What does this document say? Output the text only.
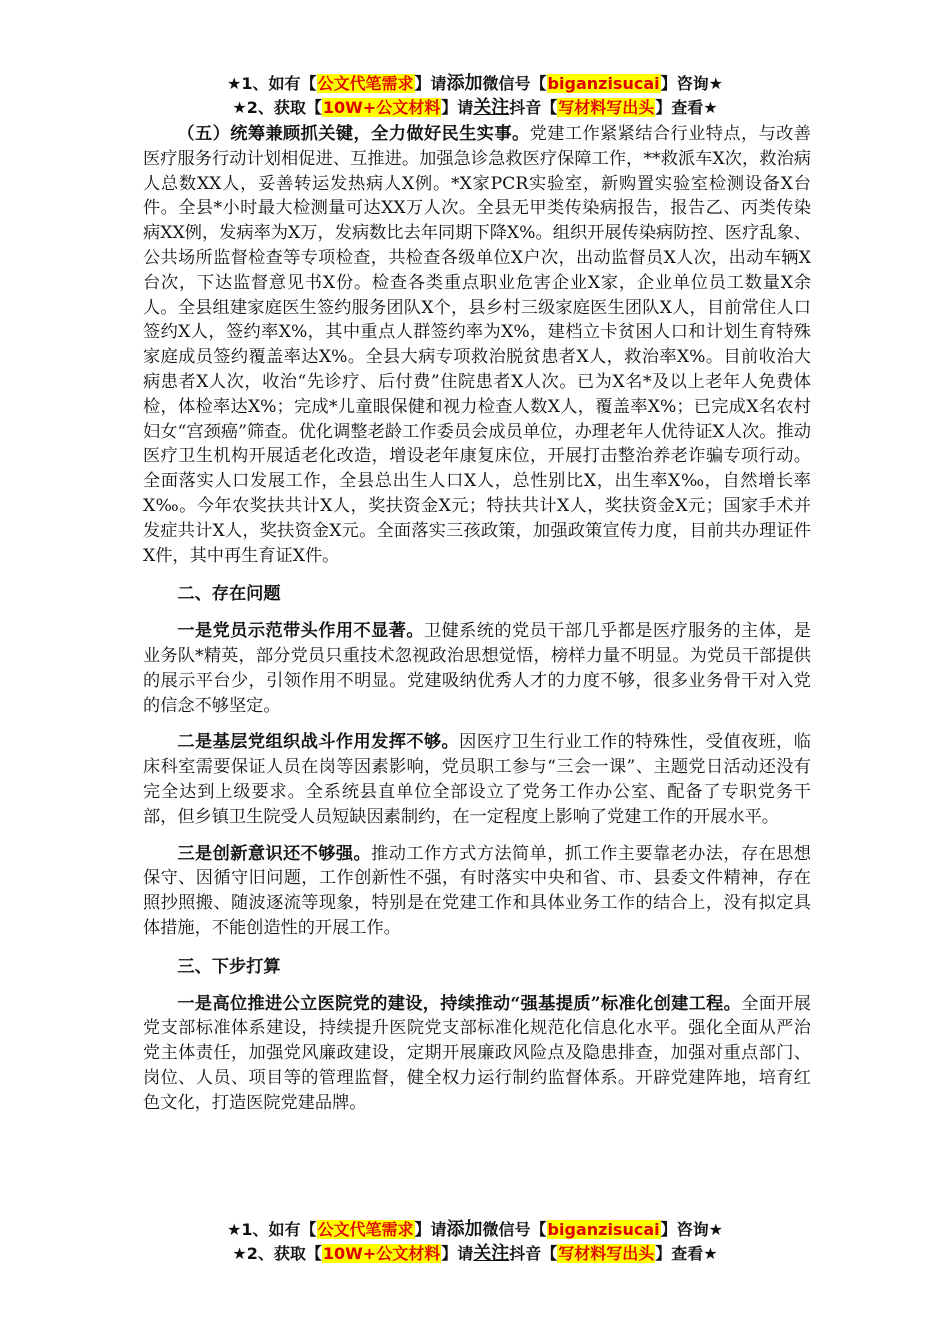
★1、如有【公文代笔需求】请添加微信号【biganzisucai】咨询★
★2、获取【10W+公文材料】请关注抖音【写材料写出头】查看★

（五）统筹兼顾抓关键，全力做好民生实事。党建工作紧紧结合行业特点，与改善医疗服务行动计划相促进、互推进。加强急诊急救医疗保障工作，**救派车X次，救治病人总数XX人，妥善转运发热病人X例。*X家PCR实验室，新购置实验室检测设备X台件。全县*小时最大检测量可达XX万人次。全县无甲类传染病报告，报告乙、丙类传染病XX例，发病率为X万，发病数比去年同期下降X%。组织开展传染病防控、医疗乱象、公共场所监督检查等专项检查，共检查各级单位X户次，出动监督员X人次，出动车辆X台次，下达监督意见书X份。检查各类重点职业危害企业X家，企业单位员工数量X余人。全县组建家庭医生签约服务团队X个，县乡村三级家庭医生团队X人，目前常住人口签约X人，签约率X%，其中重点人群签约率为X%，建档立卡贫困人口和计划生育特殊家庭成员签约覆盖率达X%。全县大病专项救治脱贫患者X人，救治率X%。目前收治大病患者X人次，收治“先诊疗、后付费”住院患者X人次。已为X名*及以上老年人免费体检，体检率达X%；完成*儿童眼保健和视力检查人数X人，覆盖率X%；已完成X名农村妇女“宫颈癌”筛查。优化调整老龄工作委员会成员单位，办理老年人优待证X人次。推动医疗卫生机构开展适老化改造，增设老年康复床位，开展打击整治养老诈骗专项行动。全面落实人口发展工作，全县总出生人口X人，总性别比X，出生率X‰，自然增长率X‰。今年农奖扶共计X人，奖扶资金X元；特扶共计X人，奖扶资金X元；国家手术并发症共计X人，奖扶资金X元。全面落实三孩政策，加强政策宣传力度，目前共办理证件X件，其中再生育证X件。

二、存在问题

一是党员示范带头作用不显著。卫健系统的党员干部几乎都是医疗服务的主体，是业务队*精英，部分党员只重技术忽视政治思想觉悟，榜样力量不明显。为党员干部提供的展示平台少，引领作用不明显。党建吸纳优秀人才的力度不够，很多业务骨干对入党的信念不够坚定。

二是基层党组织战斗作用发挥不够。因医疗卫生行业工作的特殊性，受值夜班，临床科室需要保证人员在岗等因素影响，党员职工参与“三会一课”、主题党日活动还没有完全达到上级要求。全系统县直单位全部设立了党务工作办公室、配备了专职党务干部，但乡镇卫生院受人员短缺因素制约，在一定程度上影响了党建工作的开展水平。

三是创新意识还不够强。推动工作方式方法简单，抓工作主要靠老办法，存在思想保守、因循守旧问题，工作创新性不强，有时落实中央和省、市、县委文件精神，存在照抄照搬、随波逐流等现象，特别是在党建工作和具体业务工作的结合上，没有拟定具体措施，不能创造性的开展工作。

三、下步打算

一是高位推进公立医院党的建设，持续推动“强基提质”标准化创建工程。全面开展党支部标准体系建设，持续提升医院党支部标准化规范化信息化水平。强化全面从严治党主体责任，加强党风廉政建设，定期开展廉政风险点及隐患排查，加强对重点部门、岗位、人员、项目等的管理监督，健全权力运行制约监督体系。开辟党建阵地，培育红色文化，打造医院党建品牌。

★1、如有【公文代笔需求】请添加微信号【biganzisucai】咨询★
★2、获取【10W+公文材料】请关注抖音【写材料写出头】查看★
